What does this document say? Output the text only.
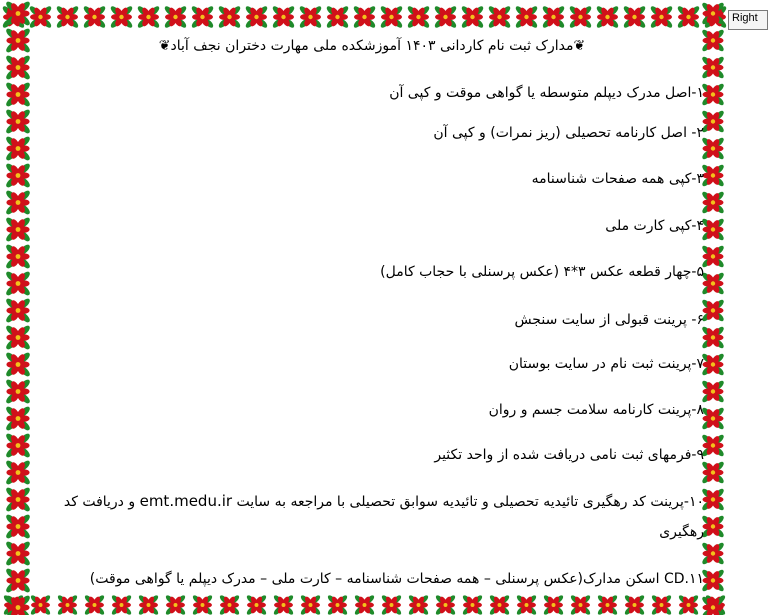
❦مدارک ثبت نام کاردانی ۱۴۰۳ آموزشکده ملی مهارت دختران نجف آباد❦
۱-اصل مدرک دیپلم متوسطه یا گواهی موقت و کپی آن
۲- اصل کارنامه تحصیلی (ریز نمرات) و کپی آن
۳-کپی همه صفحات شناسنامه
۴-کپی کارت ملی
۵-چهار قطعه عکس ۳*۴ (عکس پرسنلی با حجاب کامل)
۶- پرینت قبولی از سایت سنجش
۷-پرینت ثبت نام در سایت بوستان
۸-پرینت کارنامه سلامت جسم و روان
۹-فرمهای ثبت نامی دریافت شده از واحد تکثیر
۱۰-پرینت کد رهگیری تائیدیه تحصیلی و تائیدیه سوابق تحصیلی با مراجعه به سایت emt.medu.ir و دریافت کد رهگیری
CD.۱۱ اسکن مدارک(عکس پرسنلی – همه صفحات شناسنامه – کارت ملی – مدرک دیپلم یا گواهی موقت)
Right
